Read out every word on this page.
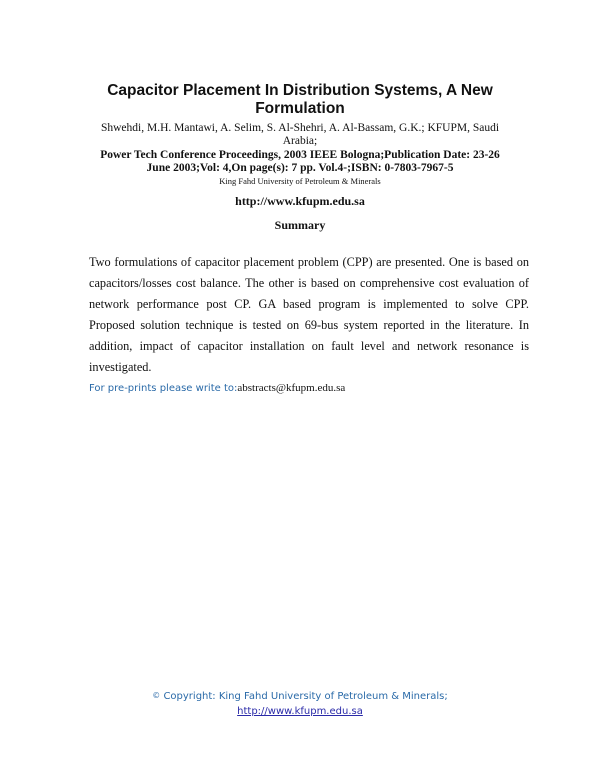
Capacitor Placement In Distribution Systems, A New Formulation
Shwehdi, M.H. Mantawi, A. Selim, S. Al-Shehri, A. Al-Bassam, G.K.; KFUPM, Saudi Arabia;
Power Tech Conference Proceedings, 2003 IEEE Bologna;Publication Date: 23-26 June 2003;Vol: 4,On page(s): 7 pp. Vol.4-;ISBN: 0-7803-7967-5
King Fahd University of Petroleum & Minerals
http://www.kfupm.edu.sa
Summary
Two formulations of capacitor placement problem (CPP) are presented. One is based on capacitors/losses cost balance. The other is based on comprehensive cost evaluation of network performance post CP. GA based program is implemented to solve CPP. Proposed solution technique is tested on 69-bus system reported in the literature. In addition, impact of capacitor installation on fault level and network resonance is investigated.
For pre-prints please write to:abstracts@kfupm.edu.sa
© Copyright: King Fahd University of Petroleum & Minerals;
http://www.kfupm.edu.sa
